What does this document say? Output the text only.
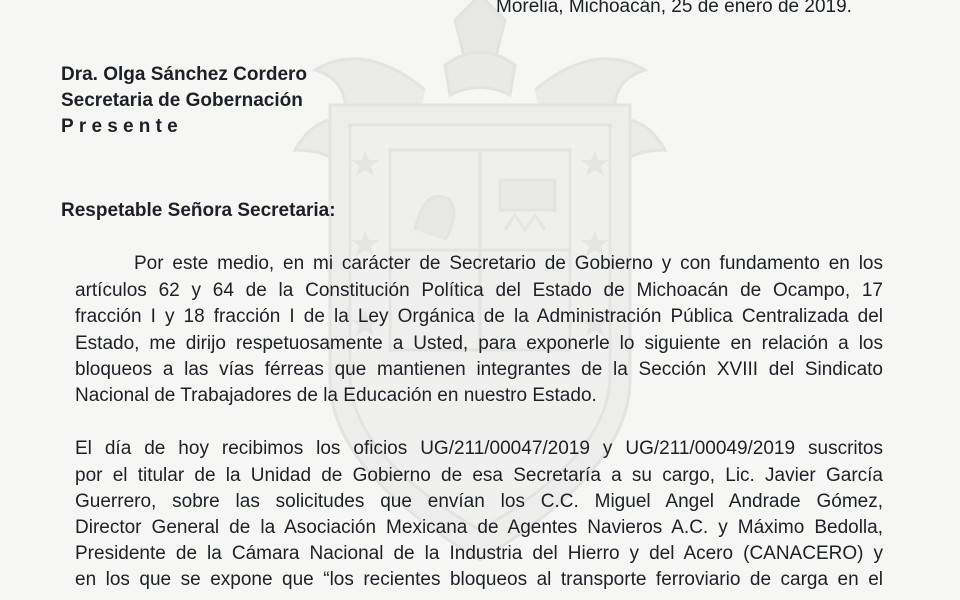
Morelia, Michoacán, 25 de enero de 2019.
Dra. Olga Sánchez Cordero
Secretaria de Gobernación
Presente
Respetable Señora Secretaria:
Por este medio, en mi carácter de Secretario de Gobierno y con fundamento en los
artículos 62 y 64 de la Constitución Política del Estado de Michoacán de Ocampo, 17
fracción I y 18 fracción I de la Ley Orgánica de la Administración Pública Centralizada del
Estado, me dirijo respetuosamente a Usted, para exponerle lo siguiente en relación a los
bloqueos a las vías férreas que mantienen integrantes de la Sección XVIII del Sindicato
Nacional de Trabajadores de la Educación en nuestro Estado.
El día de hoy recibimos los oficios UG/211/00047/2019 y UG/211/00049/2019 suscritos
por el titular de la Unidad de Gobierno de esa Secretaría a su cargo, Lic. Javier García
Guerrero, sobre las solicitudes que envían los C.C. Miguel Angel Andrade Gómez,
Director General de la Asociación Mexicana de Agentes Navieros A.C. y Máximo Bedolla,
Presidente de la Cámara Nacional de la Industria del Hierro y del Acero (CANACERO) y
en los que se expone que “los recientes bloqueos al transporte ferroviario de carga en el
